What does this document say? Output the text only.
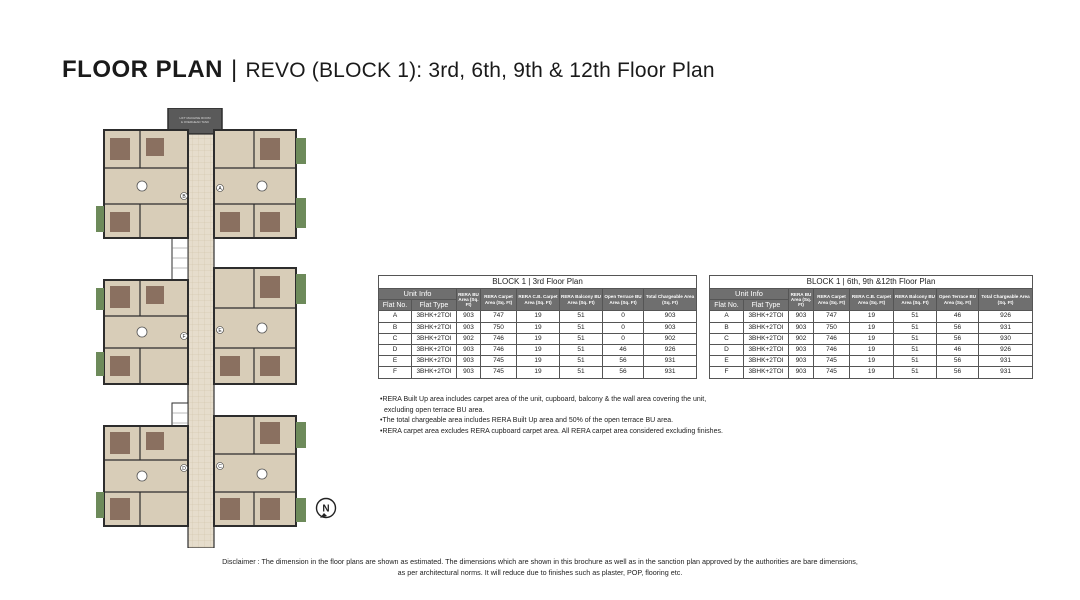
FLOOR PLAN | REVO (BLOCK 1): 3rd, 6th, 9th & 12th Floor Plan
LIFT MACHINE ROOM
& OVERHEAD TANK
B
A
F
E
D	C
BLOCK 1 | 3rd Floor Plan							
Unit Info		RERA BU Area (Sq. Ft)	RERA Carpet Area (Sq. Ft)	RERA C.B. Carpet Area (Sq. Ft)	RERA Balcony BU Area (Sq. Ft)	Open Terrace BU Area (Sq. Ft)	Total Chargeable Area (Sq. Ft)
Flat No.	Flat Type						
A	3BHK+2TOI	903	747	19	51	0	903
B	3BHK+2TOI	903	750	19	51	0	903
C	3BHK+2TOI	902	746	19	51	0	902
D	3BHK+2TOI	903	746	19	51	46	926
E	3BHK+2TOI	903	745	19	51	56	931
F	3BHK+2TOI	903	745	19	51	56	931
BLOCK 1 | 6th, 9th &12th Floor Plan							
Unit Info		RERA BU Area (Sq. Ft)	RERA Carpet Area (Sq. Ft)	RERA C.B. Carpet Area (Sq. Ft)	RERA Balcony BU Area (Sq. Ft)	Open Terrace BU Area (Sq. Ft)	Total Chargeable Area (Sq. Ft)
Flat No.	Flat Type						
A	3BHK+2TOI	903	747	19	51	46	926
B	3BHK+2TOI	903	750	19	51	56	931
C	3BHK+2TOI	902	746	19	51	56	930
D	3BHK+2TOI	903	746	19	51	46	926
E	3BHK+2TOI	903	745	19	51	56	931
F	3BHK+2TOI	903	745	19	51	56	931
•RERA Built Up area includes carpet area of the unit, cupboard, balcony & the wall area covering the unit,
excluding open terrace BU area.
•The total chargeable area includes RERA Built Up area and 50% of the open terrace BU area.
•RERA carpet area excludes RERA cupboard carpet area. All RERA carpet area considered excluding finishes.
N
Disclaimer : The dimension in the floor plans are shown as estimated. The dimensions which are shown in this brochure as well as in the sanction plan approved by the authorities are bare dimensions,
as per architectural norms. It will reduce due to finishes such as plaster, POP, flooring etc.
